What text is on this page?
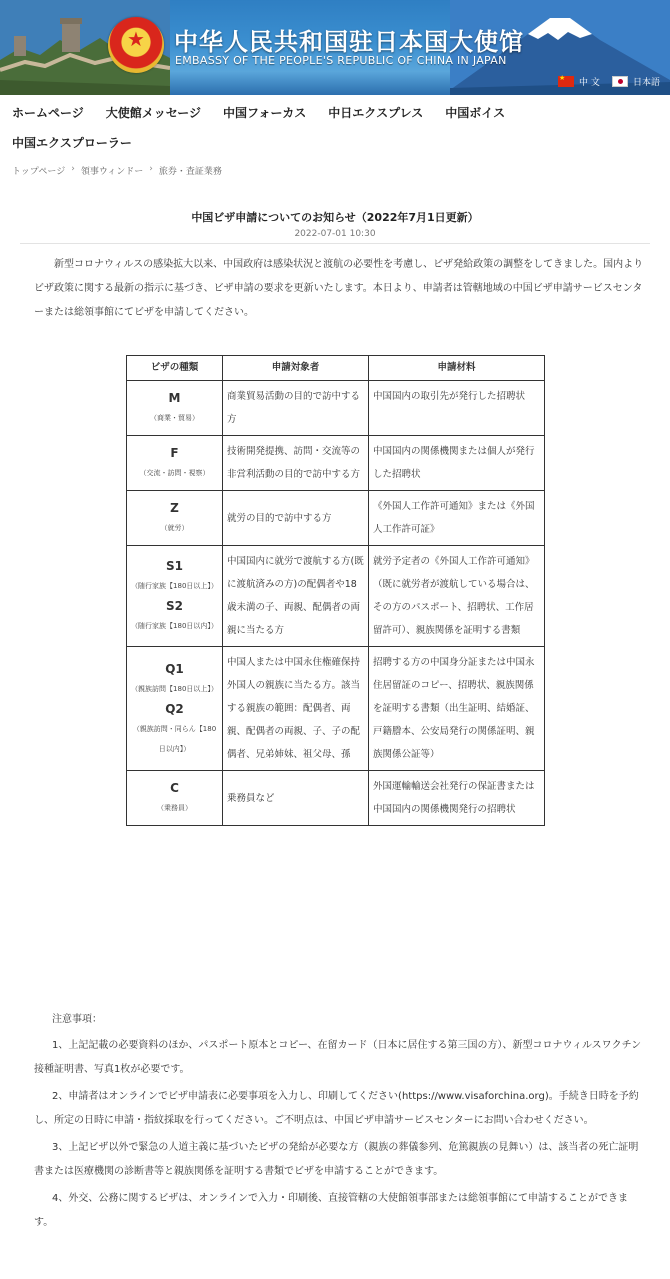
★	中华人民共和国驻日本国大使馆
EMBASSY OF THE PEOPLE'S REPUBLIC OF CHINA IN JAPAN
★
中 文	日本語
ホームページ 大使館メッセージ 中国フォーカス 中日エクスプレス 中国ボイス
中国エクスプローラー
トップページ › 領事ウィンドー › 旅券・査証業務
中国ビザ申請についてのお知らせ（2022年7月1日更新）
2022-07-01 10:30
新型コロナウィルスの感染拡大以来、中国政府は感染状況と渡航の必要性を考慮し、ビザ発給政策の調整をしてきました。国内よりビザ政策に関する最新の指示に基づき、ビザ申請の要求を更新いたします。本日より、申請者は管轄地域の中国ビザ申請サービスセンターまたは総領事館にてビザを申請してください。
ビザの種類	申請対象者	申請材料

M
（商業・貿易）	商業貿易活動の目的で訪中する方	中国国内の取引先が発行した招聘状

F
（交流・訪問・視察）	技術開発提携、訪問・交流等の非営利活動の目的で訪中する方	中国国内の関係機関または個人が発行した招聘状

Z
（就労）	就労の目的で訪中する方	《外国人工作許可通知》または《外国人工作許可証》

S1
（随行家族【180日以上】）
S2
（随行家族【180日以内】）	中国国内に就労で渡航する方(既に渡航済みの方)の配偶者や18歳未満の子、両親、配偶者の両親に当たる方	就労予定者の《外国人工作許可通知》（既に就労者が渡航している場合は、その方のパスポート、招聘状、工作居留許可）、親族関係を証明する書類

Q1
（親族訪問【180日以上】）
Q2
（親族訪問・同らん【180日以内】）	中国人または中国永住権確保持外国人の親族に当たる方。該当する親族の範囲：配偶者、両親、配偶者の両親、子、子の配偶者、兄弟姉妹、祖父母、孫	招聘する方の中国身分証または中国永住居留証のコピー、招聘状、親族関係を証明する書類（出生証明、結婚証、戸籍謄本、公安局発行の関係証明、親族関係公証等）

C
（乗務員）	乗務員など	外国運輸輸送会社発行の保証書または中国国内の関係機関発行の招聘状
注意事項：
1、上記記載の必要資料のほか、パスポート原本とコピー、在留カード（日本に居住する第三国の方）、新型コロナウィルスワクチン接種証明書、写真1枚が必要です。
2、申請者はオンラインでビザ申請表に必要事項を入力し、印刷してください(https://www.visaforchina.org)。手続き日時を予約し、所定の日時に申請・指紋採取を行ってください。ご不明点は、中国ビザ申請サービスセンターにお問い合わせください。
3、上記ビザ以外で緊急の人道主義に基づいたビザの発給が必要な方（親族の葬儀参列、危篤親族の見舞い）は、該当者の死亡証明書または医療機関の診断書等と親族関係を証明する書類でビザを申請することができます。
4、外交、公務に関するビザは、オンラインで入力・印刷後、直接管轄の大使館領事部または総領事館にて申請することができます。
